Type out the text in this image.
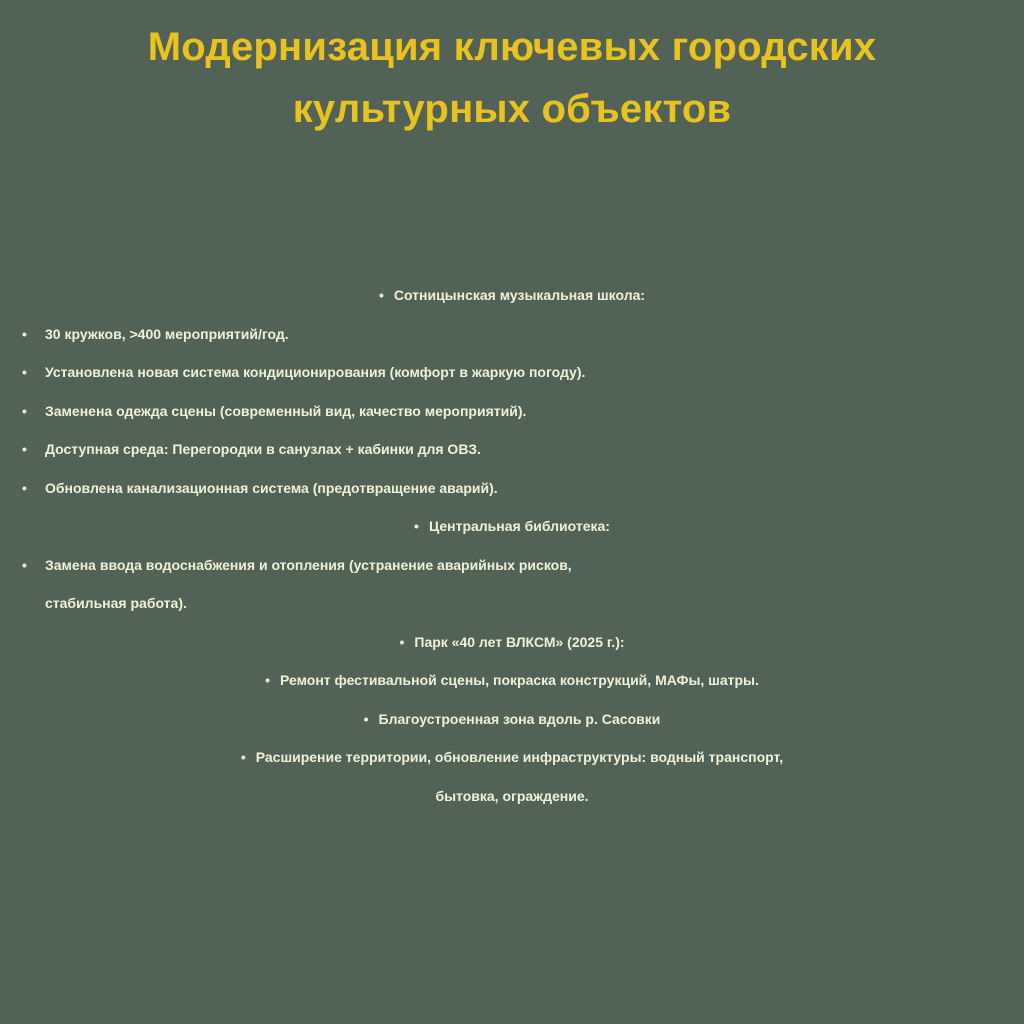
Модернизация ключевых городских
культурных объектов
• Сотницынская музыкальная школа:
• 30 кружков, >400 мероприятий/год.
• Установлена новая система кондиционирования (комфорт в жаркую погоду).
• Заменена одежда сцены (современный вид, качество мероприятий).
• Доступная среда: Перегородки в санузлах + кабинки для ОВЗ.
• Обновлена канализационная система (предотвращение аварий).
• Центральная библиотека:
• Замена ввода водоснабжения и отопления (устранение аварийных рисков,
стабильная работа).
• Парк «40 лет ВЛКСМ» (2025 г.):
• Ремонт фестивальной сцены, покраска конструкций, МАФы, шатры.
• Благоустроенная зона вдоль р. Сасовки
• Расширение территории, обновление инфраструктуры: водный транспорт,
бытовка, ограждение.
